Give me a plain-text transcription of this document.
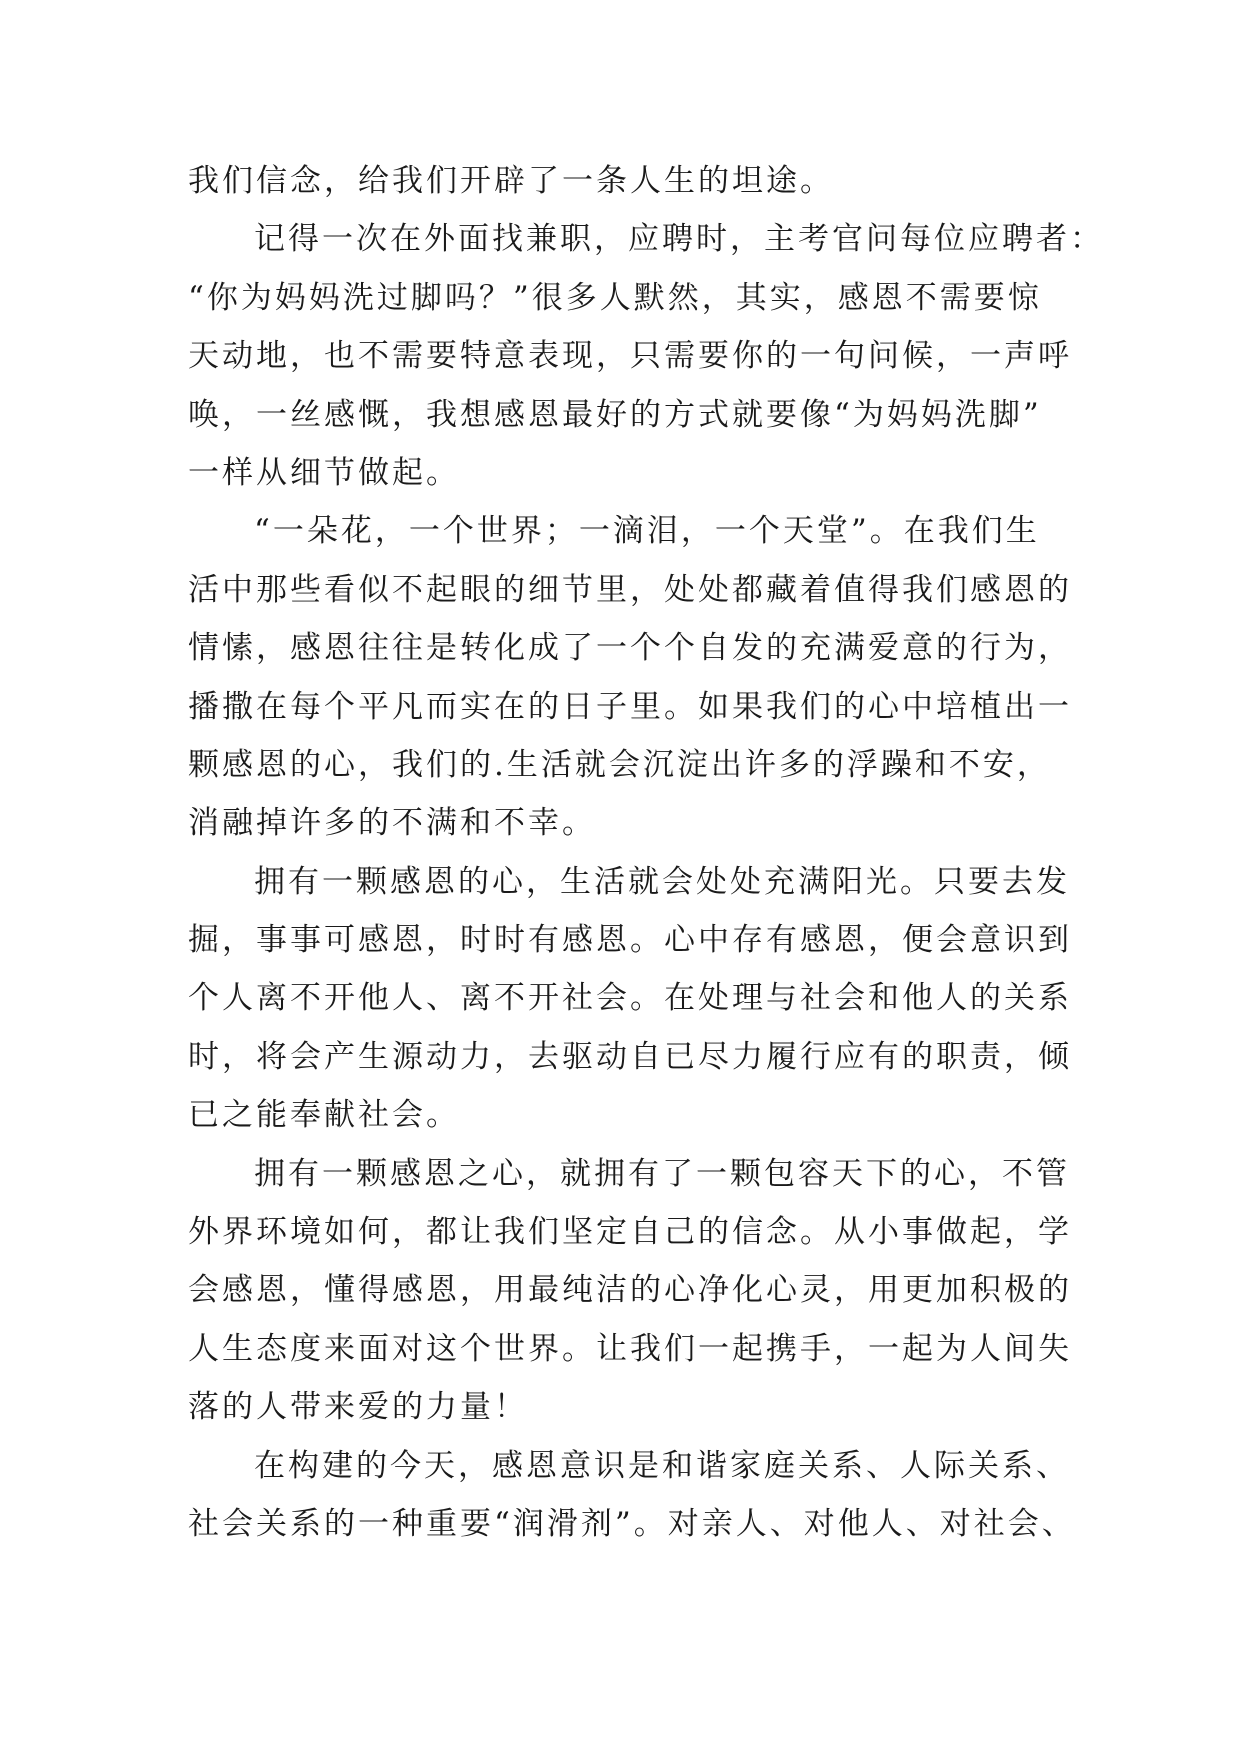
我们信念，给我们开辟了一条人生的坦途。
记得一次在外面找兼职，应聘时，主考官问每位应聘者：
“你为妈妈洗过脚吗？”很多人默然，其实，感恩不需要惊
天动地，也不需要特意表现，只需要你的一句问候，一声呼
唤，一丝感慨，我想感恩最好的方式就要像“为妈妈洗脚”
一样从细节做起。
“一朵花，一个世界；一滴泪，一个天堂”。在我们生
活中那些看似不起眼的细节里，处处都藏着值得我们感恩的
情愫，感恩往往是转化成了一个个自发的充满爱意的行为，
播撒在每个平凡而实在的日子里。如果我们的心中培植出一
颗感恩的心，我们的.生活就会沉淀出许多的浮躁和不安，
消融掉许多的不满和不幸。
拥有一颗感恩的心，生活就会处处充满阳光。只要去发
掘，事事可感恩，时时有感恩。心中存有感恩，便会意识到
个人离不开他人、离不开社会。在处理与社会和他人的关系
时，将会产生源动力，去驱动自已尽力履行应有的职责，倾
已之能奉献社会。
拥有一颗感恩之心，就拥有了一颗包容天下的心，不管
外界环境如何，都让我们坚定自己的信念。从小事做起，学
会感恩，懂得感恩，用最纯洁的心净化心灵，用更加积极的
人生态度来面对这个世界。让我们一起携手，一起为人间失
落的人带来爱的力量！
在构建的今天，感恩意识是和谐家庭关系、人际关系、
社会关系的一种重要“润滑剂”。对亲人、对他人、对社会、
